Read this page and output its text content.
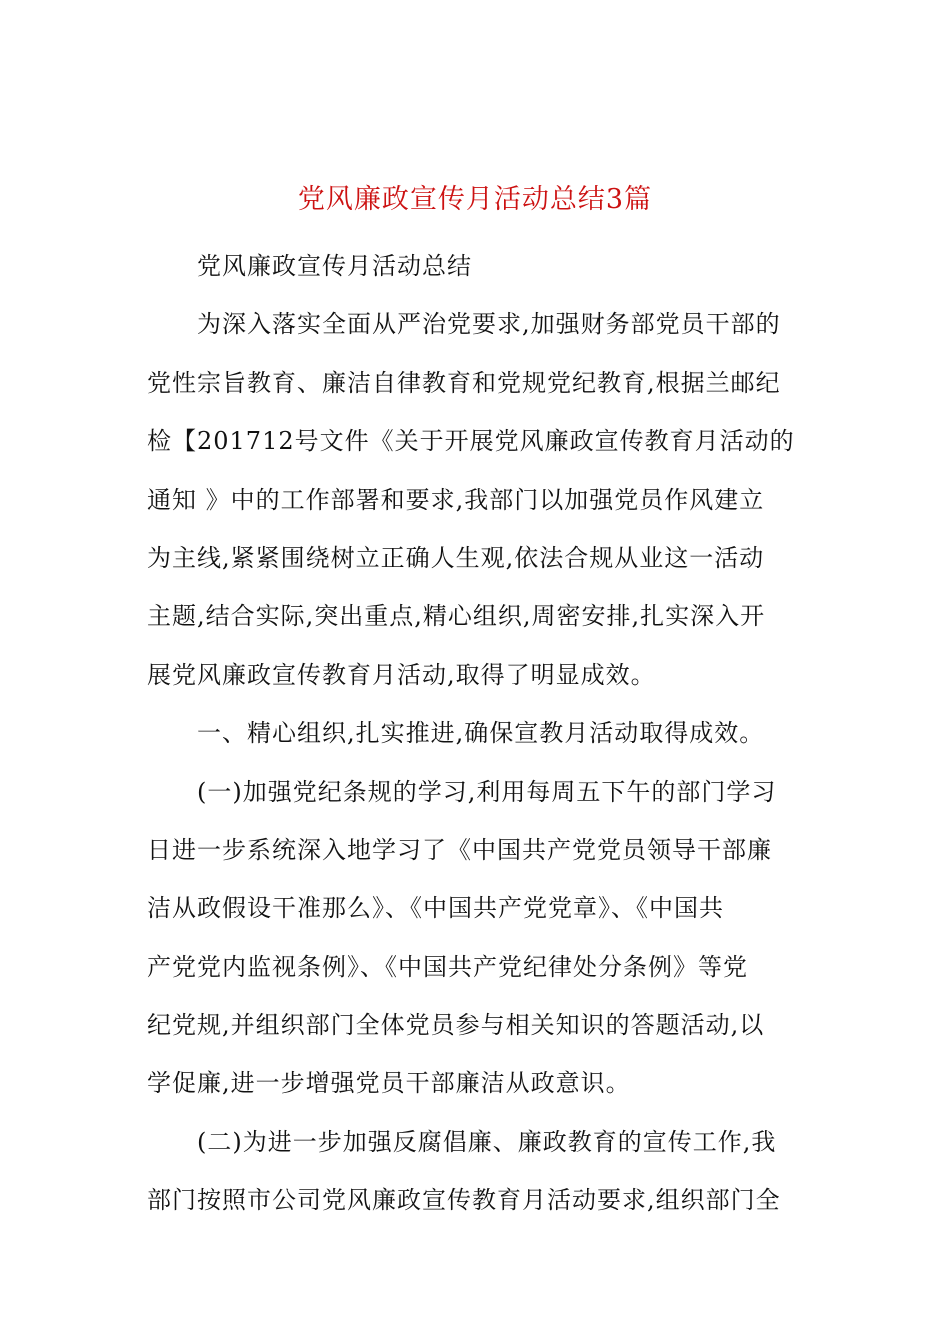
党风廉政宣传月活动总结3篇
党风廉政宣传月活动总结
为深入落实全面从严治党要求,加强财务部党员干部的
党性宗旨教育、廉洁自律教育和党规党纪教育,根据兰邮纪
检【201712号文件《关于开展党风廉政宣传教育月活动的
通知 》中的工作部署和要求,我部门以加强党员作风建立
为主线,紧紧围绕树立正确人生观,依法合规从业这一活动
主题,结合实际,突出重点,精心组织,周密安排,扎实深入开
展党风廉政宣传教育月活动,取得了明显成效。
一、精心组织,扎实推进,确保宣教月活动取得成效。
(一)加强党纪条规的学习,利用每周五下午的部门学习
日进一步系统深入地学习了《中国共产党党员领导干部廉
洁从政假设干准那么》、《中国共产党党章》、《中国共
产党党内监视条例》、《中国共产党纪律处分条例》等党
纪党规,并组织部门全体党员参与相关知识的答题活动,以
学促廉,进一步增强党员干部廉洁从政意识。
(二)为进一步加强反腐倡廉、廉政教育的宣传工作,我
部门按照市公司党风廉政宣传教育月活动要求,组织部门全
